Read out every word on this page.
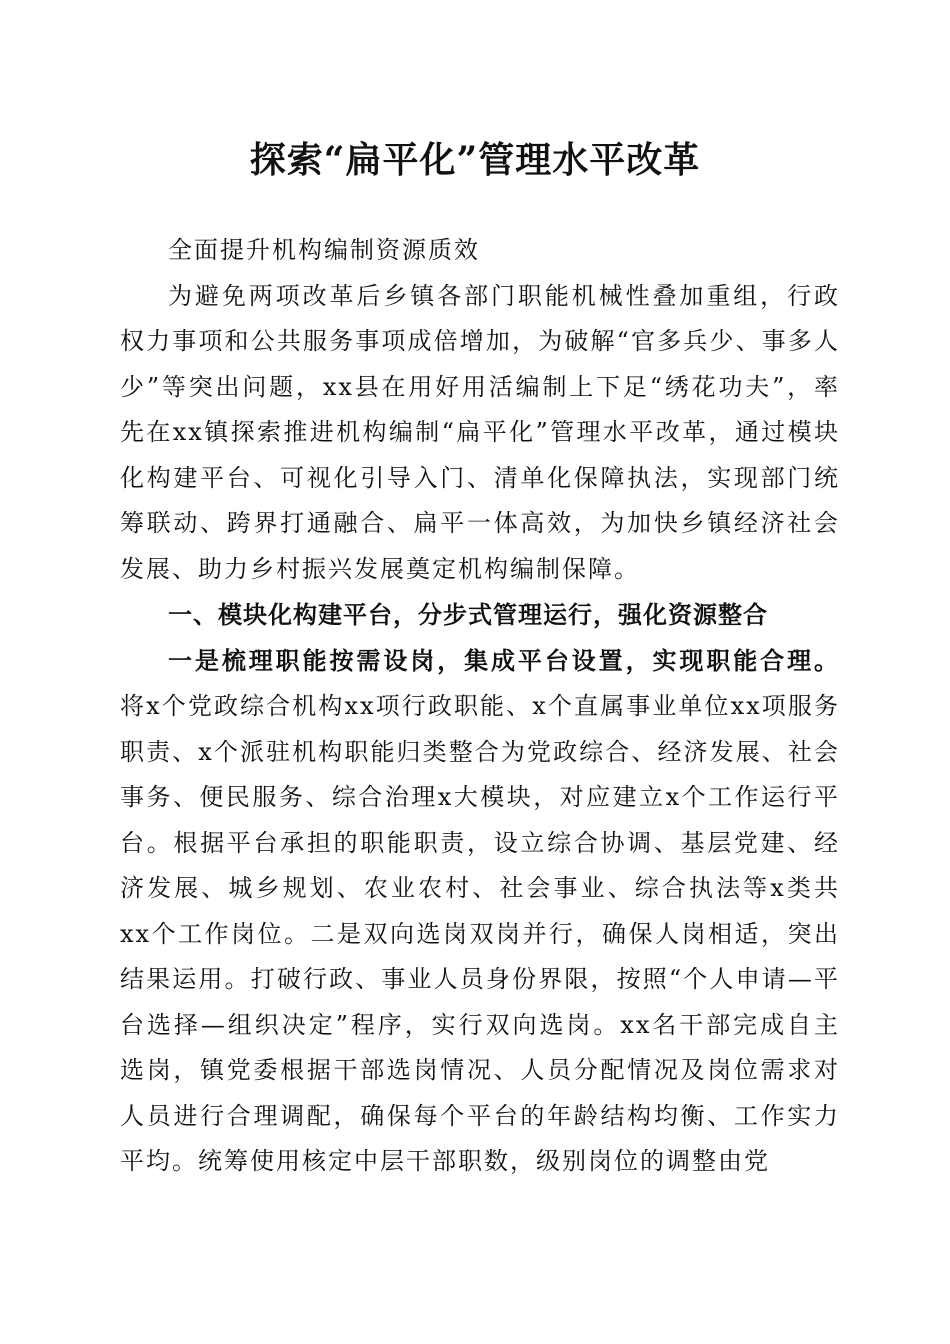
探索“扁平化”管理水平改革

全面提升机构编制资源质效

为避免两项改革后乡镇各部门职能机械性叠加重组，行政权力事项和公共服务事项成倍增加，为破解“官多兵少、事多人少”等突出问题，xx县在用好用活编制上下足“绣花功夫”，率先在xx镇探索推进机构编制“扁平化”管理水平改革，通过模块化构建平台、可视化引导入门、清单化保障执法，实现部门统筹联动、跨界打通融合、扁平一体高效，为加快乡镇经济社会发展、助力乡村振兴发展奠定机构编制保障。

一、模块化构建平台，分步式管理运行，强化资源整合

一是梳理职能按需设岗，集成平台设置，实现职能合理。将x个党政综合机构xx项行政职能、x个直属事业单位xx项服务职责、x个派驻机构职能归类整合为党政综合、经济发展、社会事务、便民服务、综合治理x大模块，对应建立x个工作运行平台。根据平台承担的职能职责，设立综合协调、基层党建、经济发展、城乡规划、农业农村、社会事业、综合执法等x类共xx个工作岗位。二是双向选岗双岗并行，确保人岗相适，突出结果运用。打破行政、事业人员身份界限，按照“个人申请—平台选择—组织决定”程序，实行双向选岗。xx名干部完成自主选岗，镇党委根据干部选岗情况、人员分配情况及岗位需求对人员进行合理调配，确保每个平台的年龄结构均衡、工作实力平均。统筹使用核定中层干部职数，级别岗位的调整由党
